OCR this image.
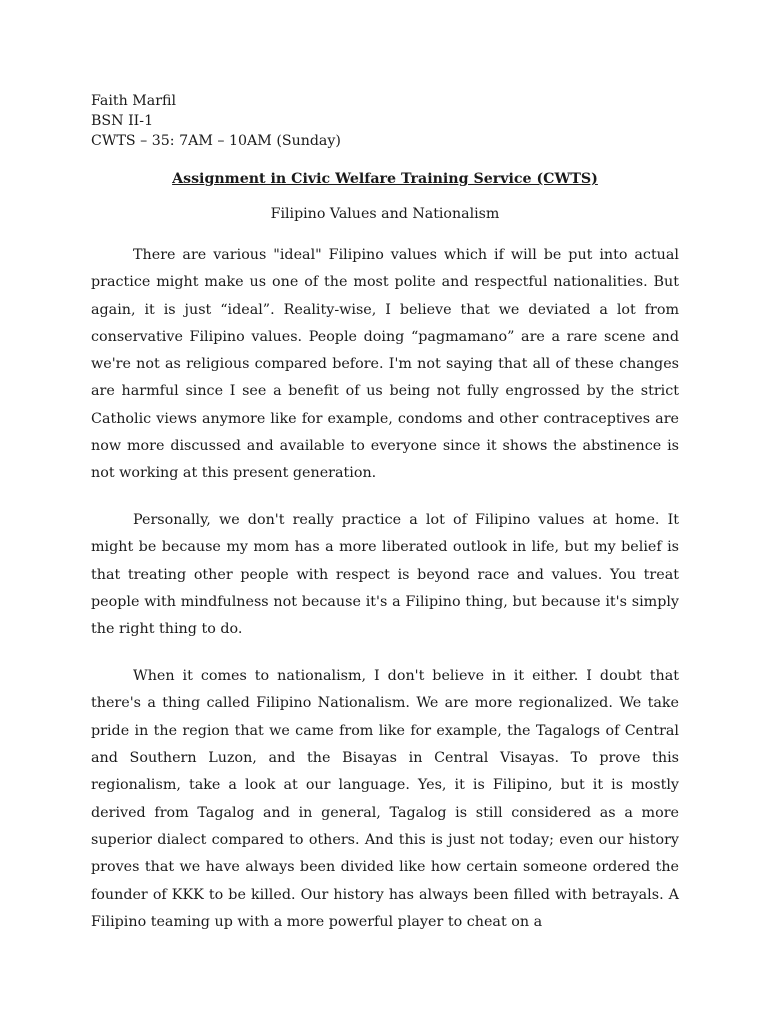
Faith Marfil
BSN II-1
CWTS – 35: 7AM – 10AM (Sunday)
Assignment in Civic Welfare Training Service (CWTS)
Filipino Values and Nationalism

There are various "ideal" Filipino values which if will be put into actual practice might make us one of the most polite and respectful nationalities. But again, it is just “ideal”. Reality-wise, I believe that we deviated a lot from conservative Filipino values. People doing “pagmamano” are a rare scene and we're not as religious compared before. I'm not saying that all of these changes are harmful since I see a benefit of us being not fully engrossed by the strict Catholic views anymore like for example, condoms and other contraceptives are now more discussed and available to everyone since it shows the abstinence is not working at this present generation.

Personally, we don't really practice a lot of Filipino values at home. It might be because my mom has a more liberated outlook in life, but my belief is that treating other people with respect is beyond race and values. You treat people with mindfulness not because it's a Filipino thing, but because it's simply the right thing to do.

When it comes to nationalism, I don't believe in it either. I doubt that there's a thing called Filipino Nationalism. We are more regionalized. We take pride in the region that we came from like for example, the Tagalogs of Central and Southern Luzon, and the Bisayas in Central Visayas. To prove this regionalism, take a look at our language. Yes, it is Filipino, but it is mostly derived from Tagalog and in general, Tagalog is still considered as a more superior dialect compared to others. And this is just not today; even our history proves that we have always been divided like how certain someone ordered the founder of KKK to be killed. Our history has always been filled with betrayals. A Filipino teaming up with a more powerful player to cheat on a
